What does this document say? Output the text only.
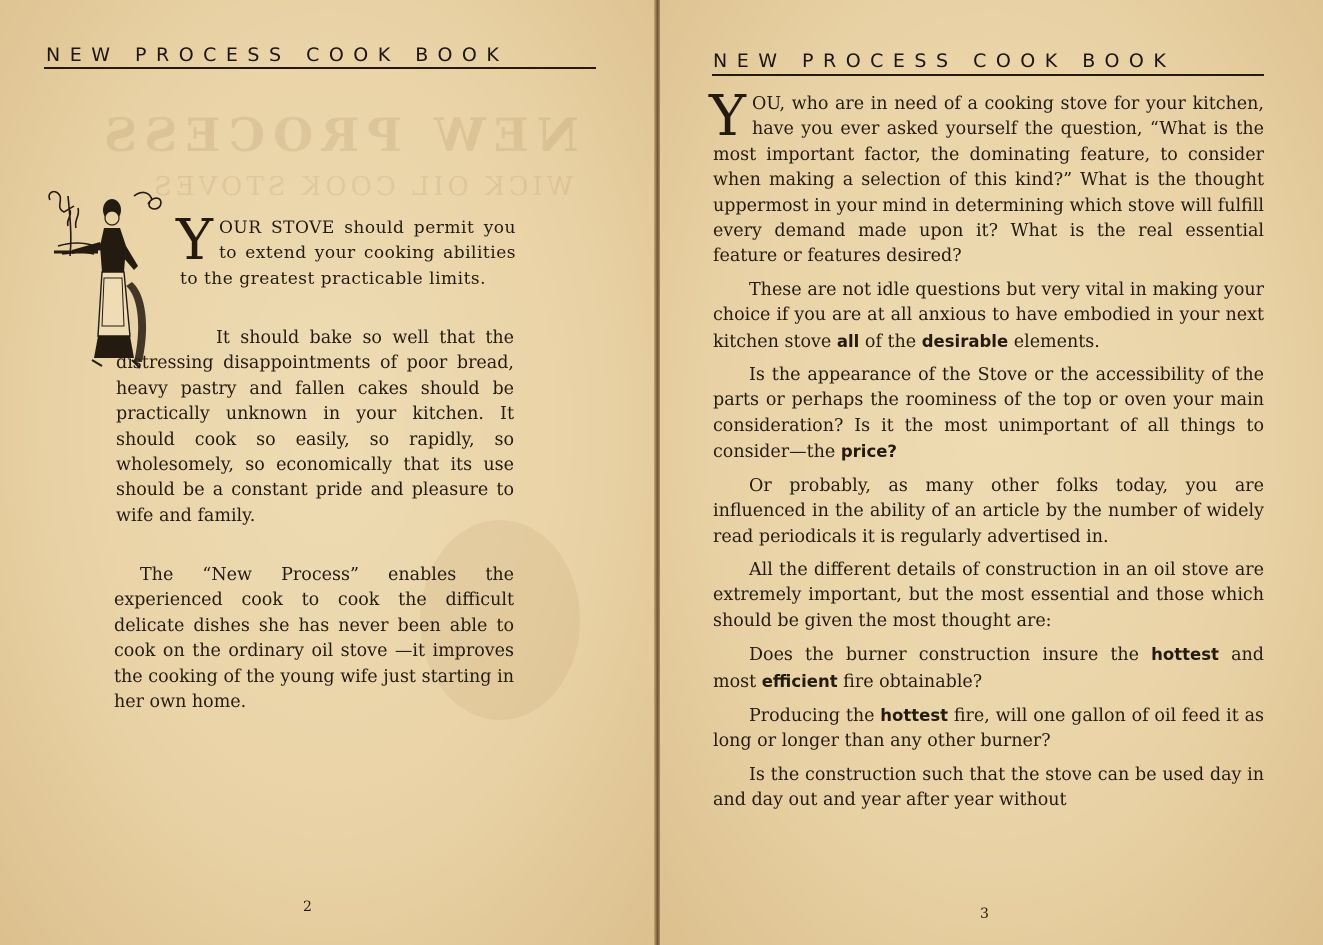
NEW PROCESS COOK BOOK
NEW PROCESS
WICK OIL COOK STOVES
YOUR STOVE should permit you to extend your cooking abilities to the greatest practicable limits.

It should bake so well that the distressing disappointments of poor bread, heavy pastry and fallen cakes should be practically unknown in your kitchen. It should cook so easily, so rapidly, so wholesomely, so economically that its use should be a constant pride and pleasure to wife and family.

The “New Process” enables the experienced cook to cook the difficult delicate dishes she has never been able to cook on the ordinary oil stove —it improves the cooking of the young wife just starting in her own home.

2
NEW PROCESS COOK BOOK

YOU, who are in need of a cooking stove for your kitchen, have you ever asked yourself the question, “What is the most important factor, the dominating feature, to consider when making a selection of this kind?” What is the thought uppermost in your mind in determining which stove will fulfill every demand made upon it? What is the real essential feature or features desired?

These are not idle questions but very vital in making your choice if you are at all anxious to have embodied in your next kitchen stove all of the desirable elements.

Is the appearance of the Stove or the accessibility of the parts or perhaps the roominess of the top or oven your main consideration? Is it the most unimportant of all things to consider—the price?

Or probably, as many other folks today, you are influenced in the ability of an article by the number of widely read periodicals it is regularly advertised in.

All the different details of construction in an oil stove are extremely important, but the most essential and those which should be given the most thought are:

Does the burner construction insure the hottest and most efficient fire obtainable?

Producing the hottest fire, will one gallon of oil feed it as long or longer than any other burner?

Is the construction such that the stove can be used day in and day out and year after year without

3
